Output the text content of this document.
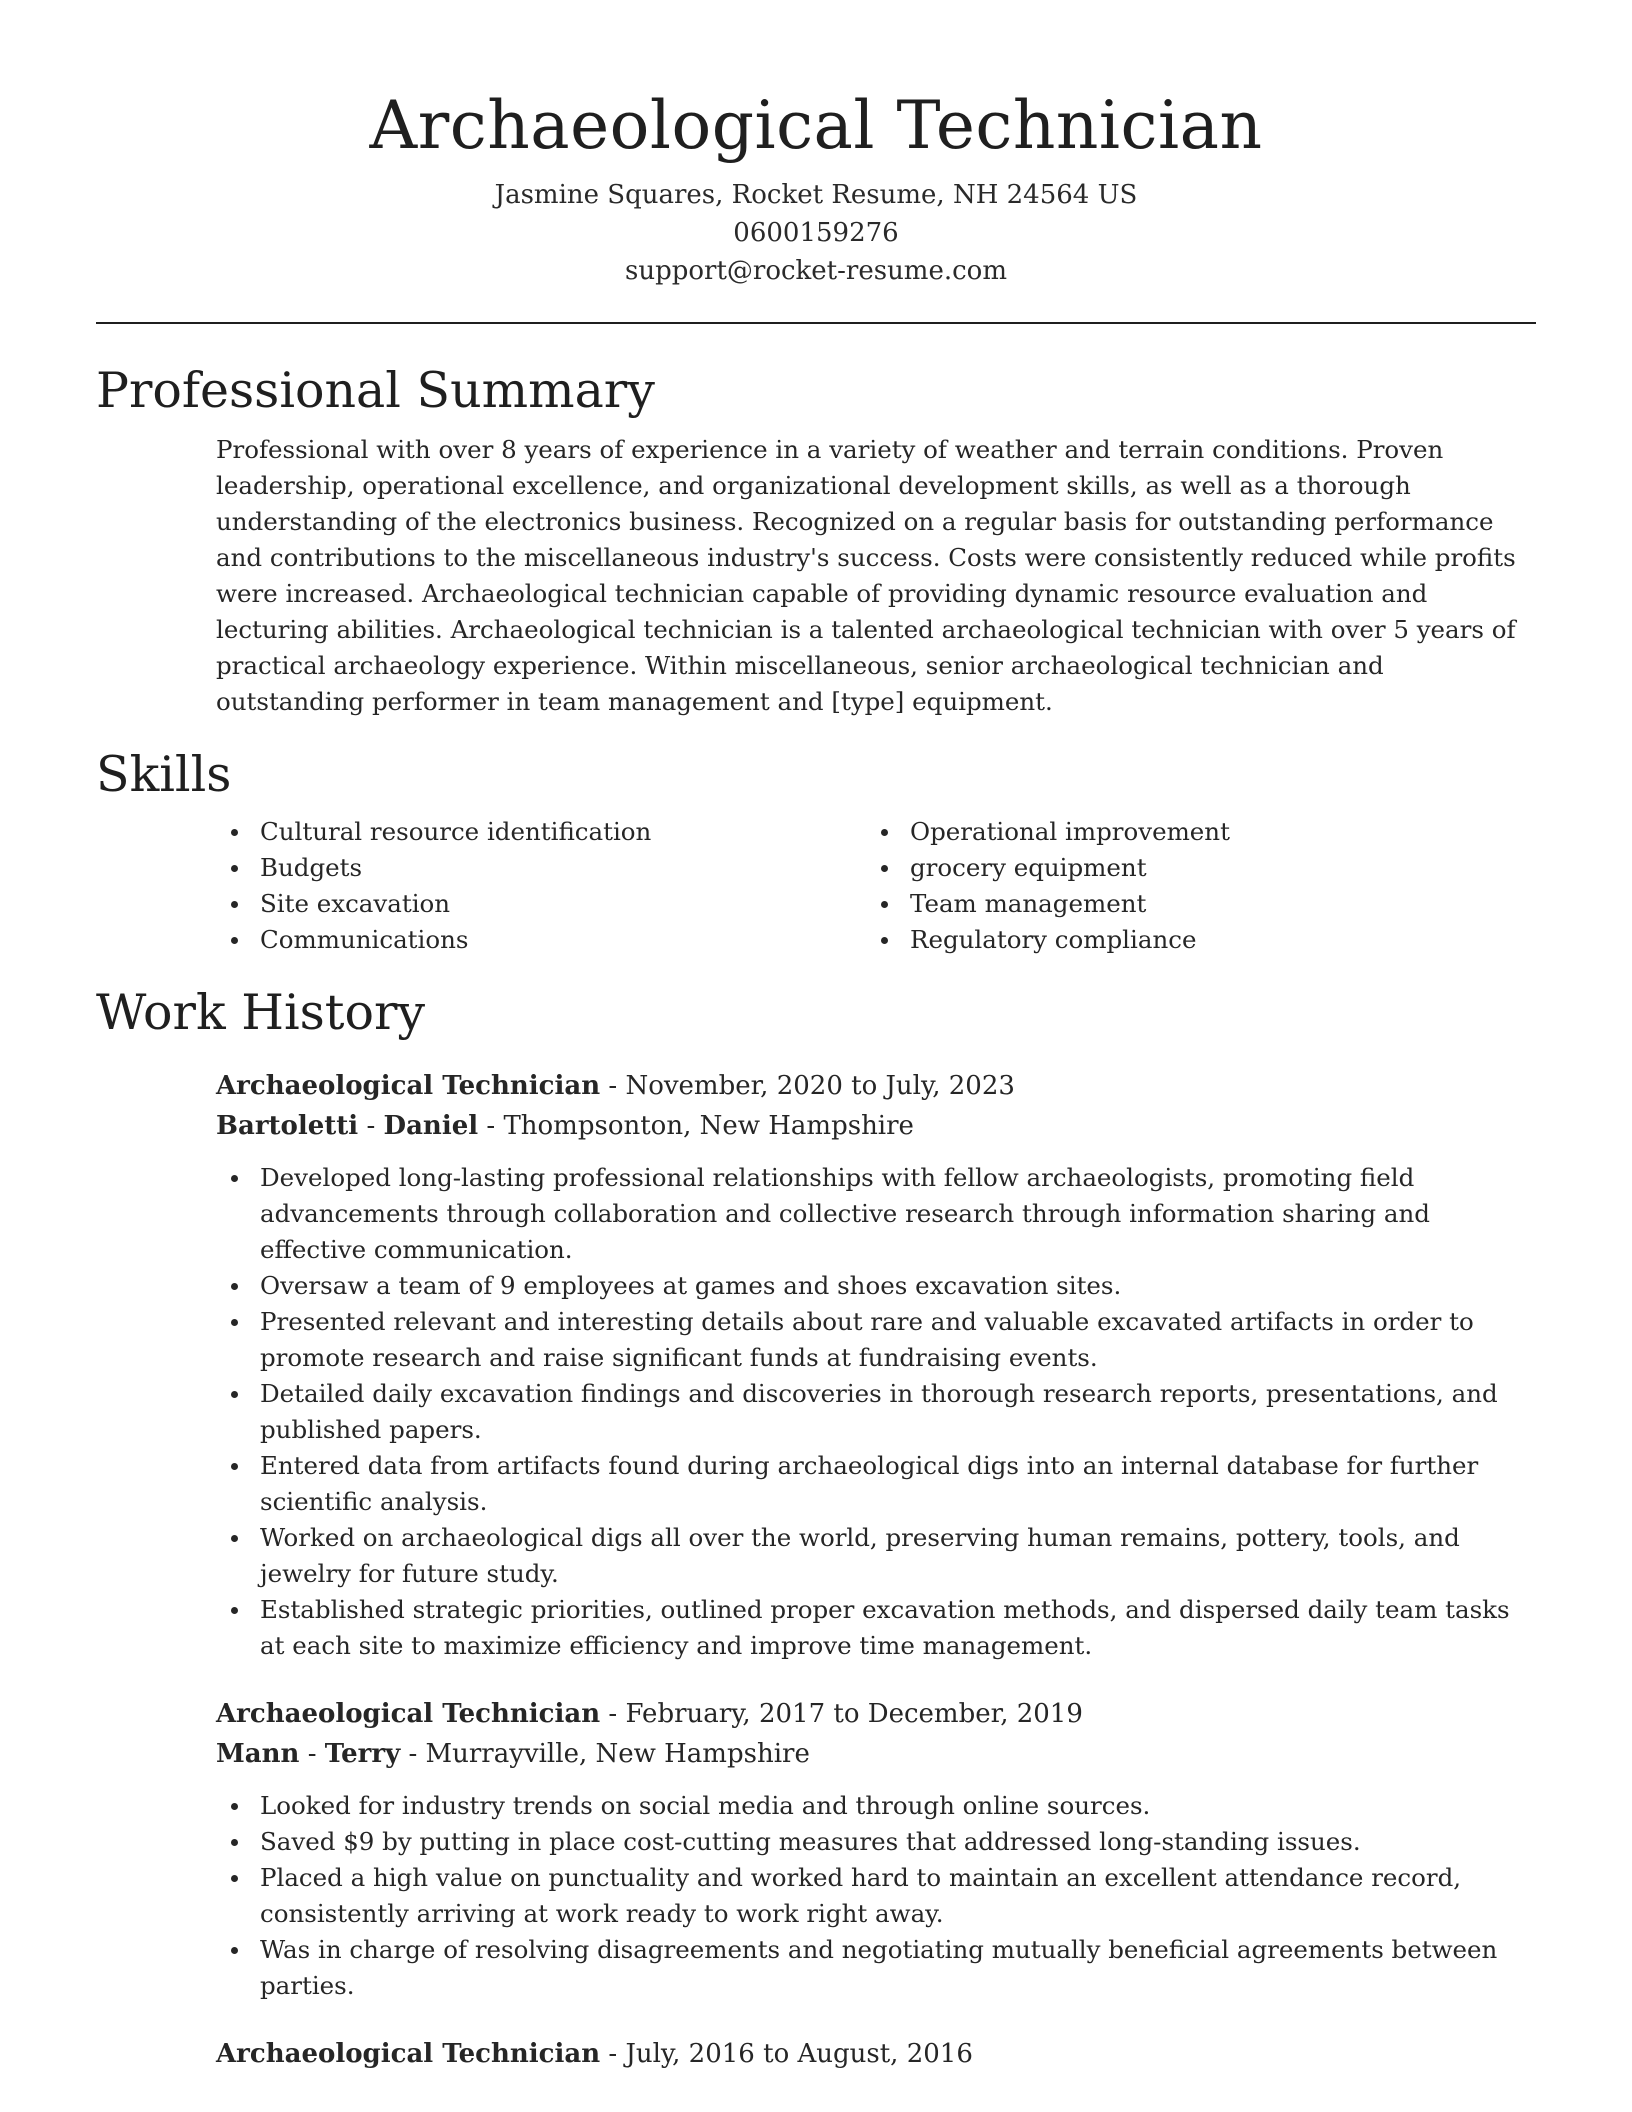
Archaeological Technician
Jasmine Squares, Rocket Resume, NH 24564 US
0600159276
support@rocket-resume.com
Professional Summary

Professional with over 8 years of experience in a variety of weather and terrain conditions. Proven leadership, operational excellence, and organizational development skills, as well as a thorough understanding of the electronics business. Recognized on a regular basis for outstanding performance and contributions to the miscellaneous industry's success. Costs were consistently reduced while profits were increased. Archaeological technician capable of providing dynamic resource evaluation and lecturing abilities. Archaeological technician is a talented archaeological technician with over 5 years of practical archaeology experience. Within miscellaneous, senior archaeological technician and outstanding performer in team management and [type] equipment.

Skills
Cultural resource identification
Budgets
Site excavation
Communications
Operational improvement
grocery equipment
Team management
Regulatory compliance
Work History
Archaeological Technician - November, 2020 to July, 2023
Bartoletti - Daniel - Thompsonton, New Hampshire
Developed long-lasting professional relationships with fellow archaeologists, promoting field advancements through collaboration and collective research through information sharing and effective communication.
Oversaw a team of 9 employees at games and shoes excavation sites.
Presented relevant and interesting details about rare and valuable excavated artifacts in order to promote research and raise significant funds at fundraising events.
Detailed daily excavation findings and discoveries in thorough research reports, presentations, and published papers.
Entered data from artifacts found during archaeological digs into an internal database for further scientific analysis.
Worked on archaeological digs all over the world, preserving human remains, pottery, tools, and jewelry for future study.
Established strategic priorities, outlined proper excavation methods, and dispersed daily team tasks at each site to maximize efficiency and improve time management.
Archaeological Technician - February, 2017 to December, 2019
Mann - Terry - Murrayville, New Hampshire
Looked for industry trends on social media and through online sources.
Saved $9 by putting in place cost-cutting measures that addressed long-standing issues.
Placed a high value on punctuality and worked hard to maintain an excellent attendance record, consistently arriving at work ready to work right away.
Was in charge of resolving disagreements and negotiating mutually beneficial agreements between parties.
Archaeological Technician - July, 2016 to August, 2016
